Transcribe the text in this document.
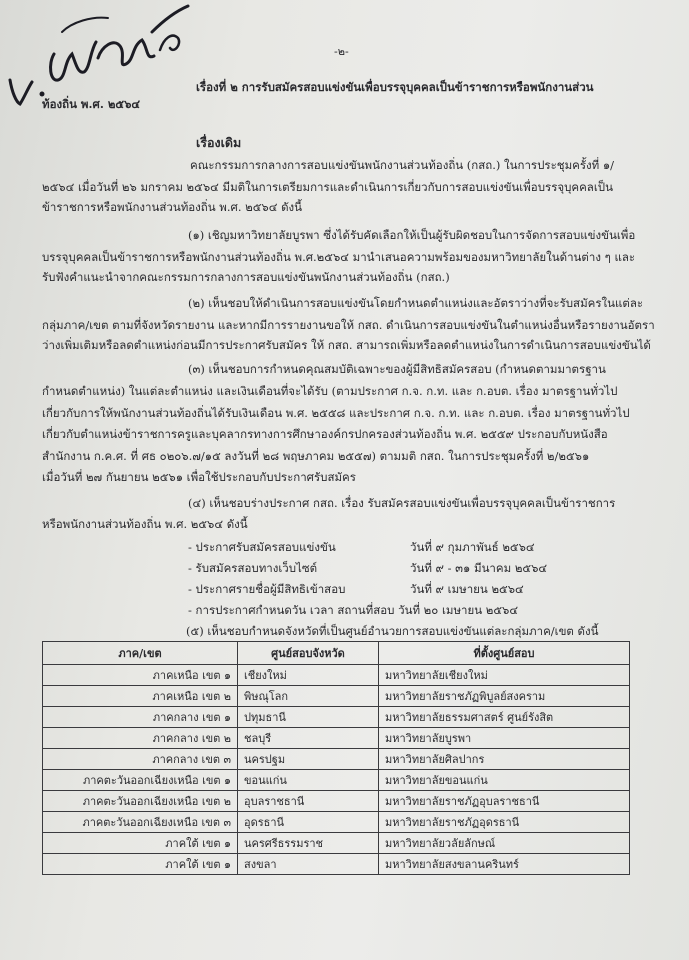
-๒-
เรื่องที่ ๒ การรับสมัครสอบแข่งขันเพื่อบรรจุบุคคลเป็นข้าราชการหรือพนักงานส่วน
ท้องถิ่น พ.ศ. ๒๕๖๔
เรื่องเดิม
คณะกรรมการกลางการสอบแข่งขันพนักงานส่วนท้องถิ่น (กสถ.) ในการประชุมครั้งที่ ๑/
๒๕๖๔ เมื่อวันที่ ๒๖ มกราคม ๒๕๖๔ มีมติในการเตรียมการและดำเนินการเกี่ยวกับการสอบแข่งขันเพื่อบรรจุบุคคลเป็น
ข้าราชการหรือพนักงานส่วนท้องถิ่น พ.ศ. ๒๕๖๔ ดังนี้
(๑) เชิญมหาวิทยาลัยบูรพา ซึ่งได้รับคัดเลือกให้เป็นผู้รับผิดชอบในการจัดการสอบแข่งขันเพื่อ
บรรจุบุคคลเป็นข้าราชการหรือพนักงานส่วนท้องถิ่น พ.ศ.๒๕๖๔ มานำเสนอความพร้อมของมหาวิทยาลัยในด้านต่าง ๆ และ
รับฟังคำแนะนำจากคณะกรรมการกลางการสอบแข่งขันพนักงานส่วนท้องถิ่น (กสถ.)
(๒) เห็นชอบให้ดำเนินการสอบแข่งขันโดยกำหนดตำแหน่งและอัตราว่างที่จะรับสมัครในแต่ละ
กลุ่มภาค/เขต ตามที่จังหวัดรายงาน และหากมีการรายงานขอให้ กสถ. ดำเนินการสอบแข่งขันในตำแหน่งอื่นหรือรายงานอัตรา
ว่างเพิ่มเติมหรือลดตำแหน่งก่อนมีการประกาศรับสมัคร ให้ กสถ. สามารถเพิ่มหรือลดตำแหน่งในการดำเนินการสอบแข่งขันได้
(๓) เห็นชอบการกำหนดคุณสมบัติเฉพาะของผู้มีสิทธิสมัครสอบ (กำหนดตามมาตรฐาน
กำหนดตำแหน่ง) ในแต่ละตำแหน่ง และเงินเดือนที่จะได้รับ (ตามประกาศ ก.จ. ก.ท. และ ก.อบต. เรื่อง มาตรฐานทั่วไป
เกี่ยวกับการให้พนักงานส่วนท้องถิ่นได้รับเงินเดือน พ.ศ. ๒๕๕๘ และประกาศ ก.จ. ก.ท. และ ก.อบต. เรื่อง มาตรฐานทั่วไป
เกี่ยวกับตำแหน่งข้าราชการครูและบุคลากรทางการศึกษาองค์กรปกครองส่วนท้องถิ่น พ.ศ. ๒๕๕๙ ประกอบกับหนังสือ
สำนักงาน ก.ค.ศ. ที่ ศธ ๐๒๐๖.๗/๑๕ ลงวันที่ ๒๘ พฤษภาคม ๒๕๕๗) ตามมติ กสถ. ในการประชุมครั้งที่ ๒/๒๕๖๑
เมื่อวันที่ ๒๗ กันยายน ๒๕๖๑ เพื่อใช้ประกอบกับประกาศรับสมัคร
(๔) เห็นชอบร่างประกาศ กสถ. เรื่อง รับสมัครสอบแข่งขันเพื่อบรรจุบุคคลเป็นข้าราชการ
หรือพนักงานส่วนท้องถิ่น พ.ศ. ๒๕๖๔ ดังนี้
- ประกาศรับสมัครสอบแข่งขัน	วันที่ ๙ กุมภาพันธ์ ๒๕๖๔
- รับสมัครสอบทางเว็บไซต์	วันที่ ๙ - ๓๑ มีนาคม ๒๕๖๔
- ประกาศรายชื่อผู้มีสิทธิเข้าสอบ	วันที่ ๙ เมษายน ๒๕๖๔
- การประกาศกำหนดวัน เวลา สถานที่สอบ วันที่ ๒๐ เมษายน ๒๕๖๔
(๕) เห็นชอบกำหนดจังหวัดที่เป็นศูนย์อำนวยการสอบแข่งขันแต่ละกลุ่มภาค/เขต ดังนี้
ภาค/เขต	ศูนย์สอบจังหวัด	ที่ตั้งศูนย์สอบ
ภาคเหนือ เขต ๑	เชียงใหม่	มหาวิทยาลัยเชียงใหม่
ภาคเหนือ เขต ๒	พิษณุโลก	มหาวิทยาลัยราชภัฏพิบูลย์สงคราม
ภาคกลาง เขต ๑	ปทุมธานี	มหาวิทยาลัยธรรมศาสตร์ ศูนย์รังสิต
ภาคกลาง เขต ๒	ชลบุรี	มหาวิทยาลัยบูรพา
ภาคกลาง เขต ๓	นครปฐม	มหาวิทยาลัยศิลปากร
ภาคตะวันออกเฉียงเหนือ เขต ๑	ขอนแก่น	มหาวิทยาลัยขอนแก่น
ภาคตะวันออกเฉียงเหนือ เขต ๒	อุบลราชธานี	มหาวิทยาลัยราชภัฏอุบลราชธานี
ภาคตะวันออกเฉียงเหนือ เขต ๓	อุดรธานี	มหาวิทยาลัยราชภัฏอุดรธานี
ภาคใต้ เขต ๑	นครศรีธรรมราช	มหาวิทยาลัยวลัยลักษณ์
ภาคใต้ เขต ๑	สงขลา	มหาวิทยาลัยสงขลานครินทร์
